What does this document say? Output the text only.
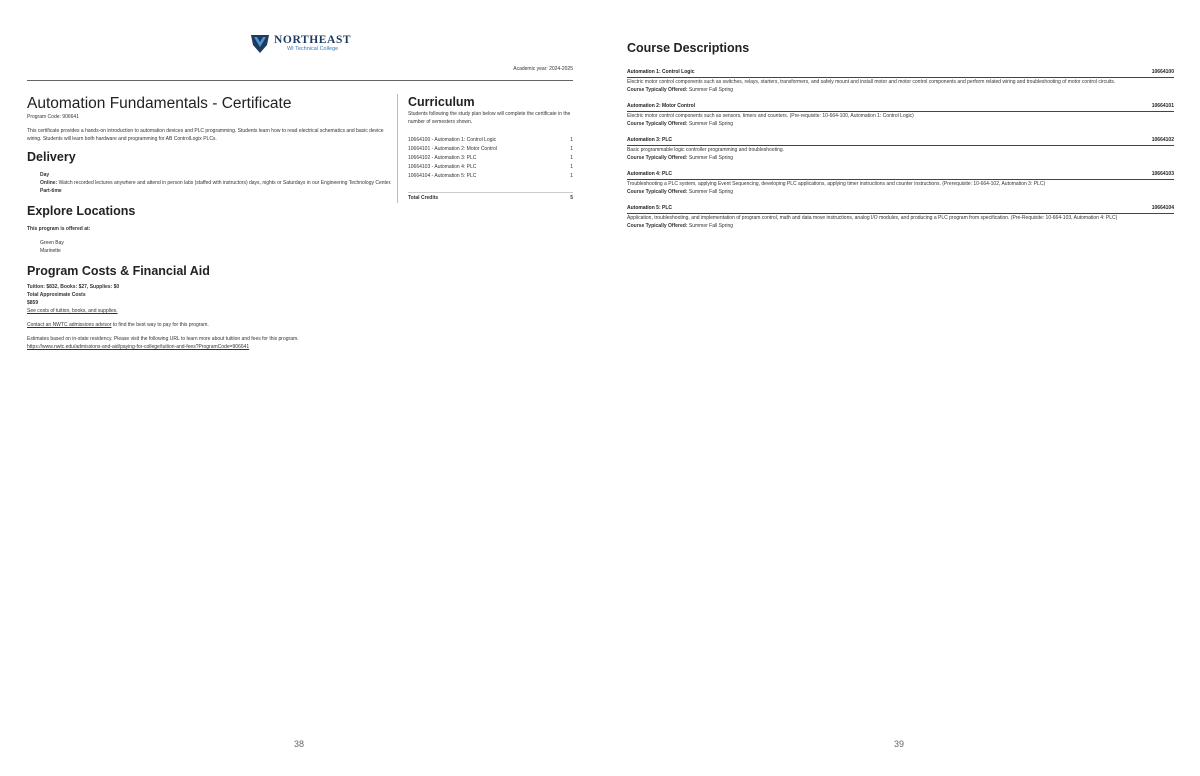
NORTHEAST
WI Technical College
Academic year: 2024-2025
Automation Fundamentals - Certificate
Program Code: 906641
This certificate provides a hands-on introduction to automation devices and PLC programming. Students learn how to read electrical schematics and basic device wiring. Students will learn both hardware and programming for AB ControlLogix PLCs.
Delivery
Day
Online: Watch recorded lectures anywhere and attend in person labs (staffed with instructors) days, nights or Saturdays in our Engineering Technology Center.
Part-time
Explore Locations
This program is offered at:
Green Bay
Marinette
Program Costs & Financial Aid
Tuition: $832, Books: $27, Supplies: $0
Total Approximate Costs
$859
See costs of tuition, books, and supplies.
Contact an NWTC admissions advisor to find the best way to pay for this program.
Estimates based on in-state residency. Please visit the following URL to learn more about tuitiion and fees for this program.
https://www.nwtc.edu/admissions-and-aid/paying-for-college/tuition-and-fees?ProgramCode=906641
Curriculum
Students following the study plan below will complete the certificate in the number of semesters shown.
10664100 - Automation 1: Control Logic	1
10664101 - Automation 2: Motor Control	1
10664102 - Automation 3: PLC	1
10664103 - Automation 4: PLC	1
10664104 - Automation 5: PLC	1
Total Credits	5
38
Course Descriptions
Automation 1: Control Logic	10664100
Electric motor control components such as switches, relays, starters, transformers, and safely mount and install motor and motor control components and perform related wiring and troubleshooting of motor control circuits.
Course Typically Offered: Summer Fall Spring
Automation 2: Motor Control	10664101
Electric motor control components such as sensors, timers and counters. (Pre-requisite: 10-664-100, Automation 1: Control Logic)
Course Typically Offered: Summer Fall Spring
Automation 3: PLC	10664102
Basic programmable logic controller programming and troubleshooting.
Course Typically Offered: Summer Fall Spring
Automation 4: PLC	10664103
Troubleshooting a PLC system, applying Event Sequencing, developing PLC applications, applying timer instructions and counter instructions. (Prerequisite: 10-664-102, Automation 3: PLC)
Course Typically Offered: Summer Fall Spring
Automation 5: PLC	10664104
Application, troubleshooting, and implementation of program control, math and data move instructions, analog I/O modules, and producing a PLC program from specification. (Pre-Requisite: 10-664-103, Automation 4: PLC)
Course Typically Offered: Summer Fall Spring
39
